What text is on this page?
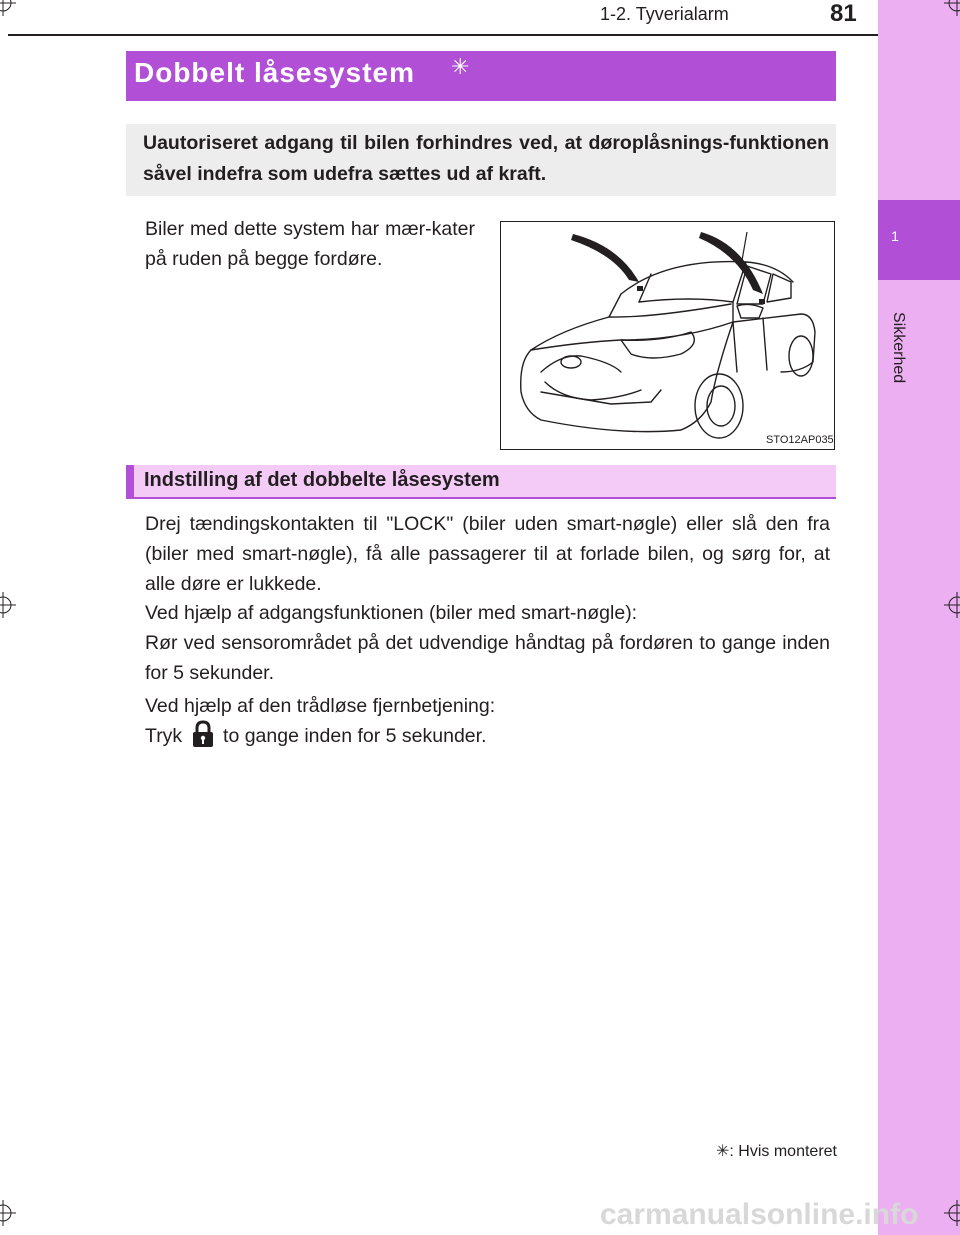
1
Sikkerhed
1-2. Tyverialarm	81
Dobbelt låsesystem ✳
Uautoriseret adgang til bilen forhindres ved, at døroplåsnings-funktionen såvel indefra som udefra sættes ud af kraft.
Biler med dette system har mær-kater på ruden på begge fordøre.
STO12AP035
Indstilling af det dobbelte låsesystem
Drej tændingskontakten til "LOCK" (biler uden smart-nøgle) eller slå den fra (biler med smart-nøgle), få alle passagerer til at forlade bilen, og sørg for, at alle døre er lukkede.
Ved hjælp af adgangsfunktionen (biler med smart-nøgle):
Rør ved sensorområdet på det udvendige håndtag på fordøren to gange inden for 5 sekunder.
Ved hjælp af den trådløse fjernbetjening:
Tryk to gange inden for 5 sekunder.
✳: Hvis monteret
carmanualsonline.info
